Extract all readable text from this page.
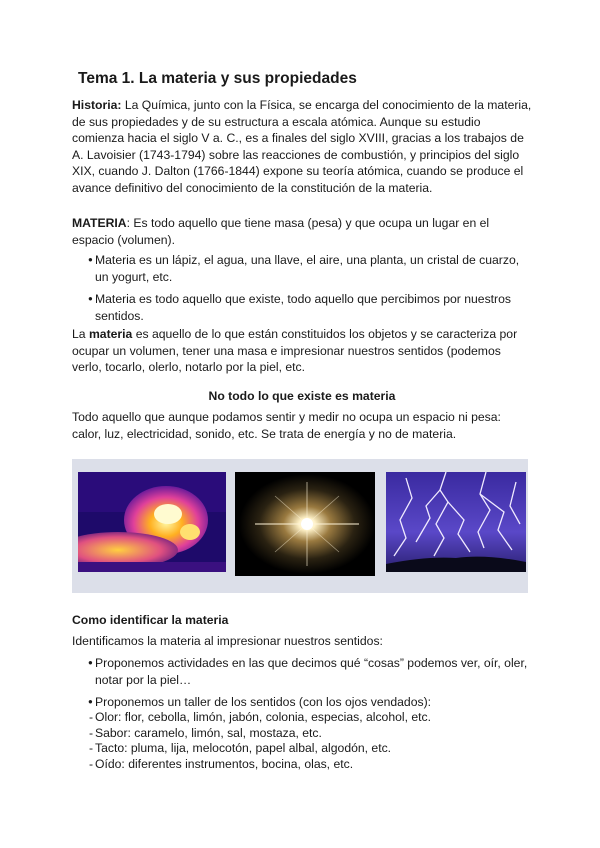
Tema 1. La materia y sus propiedades

Historia: La Química, junto con la Física, se encarga del conocimiento de la materia, de sus propiedades y de su estructura a escala atómica. Aunque su estudio comienza hacia el siglo V a. C., es a finales del siglo XVIII, gracias a los trabajos de A. Lavoisier (1743-1794) sobre las reacciones de combustión, y principios del siglo XIX, cuando J. Dalton (1766-1844) expone su teoría atómica, cuando se produce el avance definitivo del conocimiento de la constitución de la materia.

MATERIA: Es todo aquello que tiene masa (pesa) y que ocupa un lugar en el espacio (volumen).

● Materia es un lápiz, el agua, una llave, el aire, una planta, un cristal de cuarzo, un yogurt, etc.
● Materia es todo aquello que existe, todo aquello que percibimos por nuestros sentidos.

La materia es aquello de lo que están constituidos los objetos y se caracteriza por ocupar un volumen, tener una masa e impresionar nuestros sentidos (podemos verlo, tocarlo, olerlo, notarlo por la piel, etc.

No todo lo que existe es materia

Todo aquello que aunque podamos sentir y medir no ocupa un espacio ni pesa: calor, luz, electricidad, sonido, etc. Se trata de energía y no de materia.

Como identificar la materia

Identificamos la materia al impresionar nuestros sentidos:

● Proponemos actividades en las que decimos qué “cosas” podemos ver, oír, oler, notar por la piel…
● Proponemos un taller de los sentidos (con los ojos vendados):
- Olor: flor, cebolla, limón, jabón, colonia, especias, alcohol, etc.
- Sabor: caramelo, limón, sal, mostaza, etc.
- Tacto: pluma, lija, melocotón, papel albal, algodón, etc.
- Oído: diferentes instrumentos, bocina, olas, etc.
